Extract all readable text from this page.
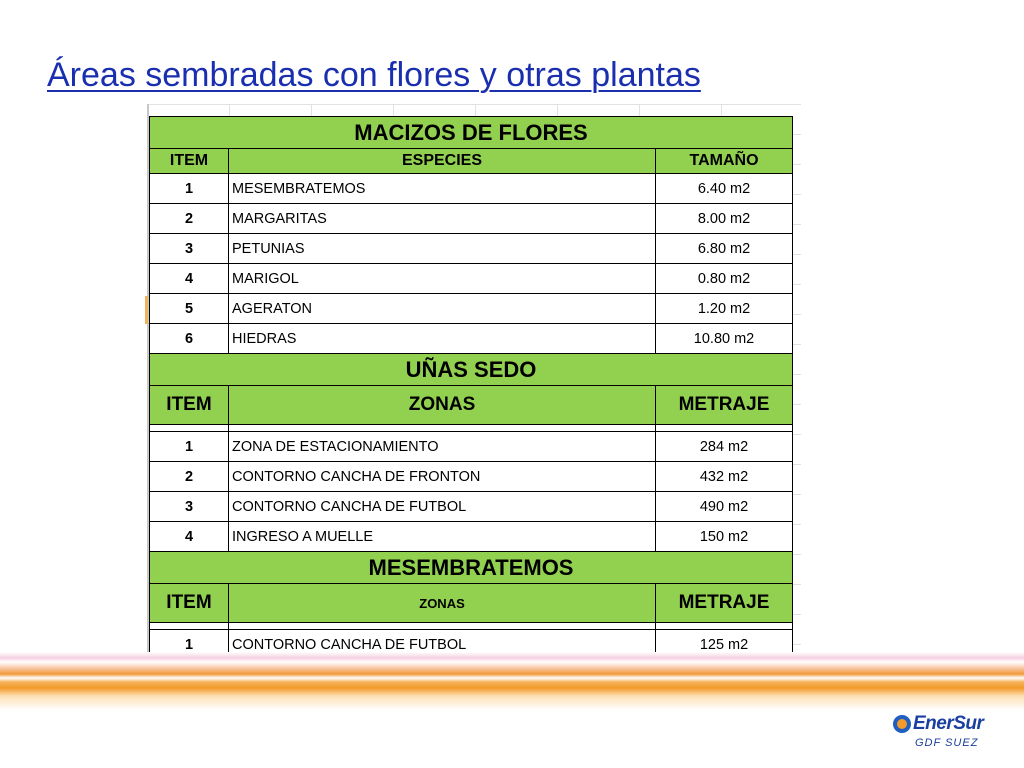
Áreas sembradas con flores y otras plantas
MACIZOS DE FLORES		
ITEM	ESPECIES	TAMAÑO
1	MESEMBRATEMOS	6.40 m2
2	MARGARITAS	8.00 m2
3	PETUNIAS	6.80 m2
4	MARIGOL	0.80 m2
5	AGERATON	1.20 m2
6	HIEDRAS	10.80 m2
UÑAS SEDO		
ITEM	ZONAS	METRAJE

1	ZONA DE ESTACIONAMIENTO	284 m2
2	CONTORNO CANCHA DE FRONTON	432 m2
3	CONTORNO CANCHA DE FUTBOL	490 m2
4	INGRESO A MUELLE	150 m2
MESEMBRATEMOS		
ITEM	ZONAS	METRAJE

1	CONTORNO CANCHA DE FUTBOL	125 m2
EnerSur
GDF SUEZ
